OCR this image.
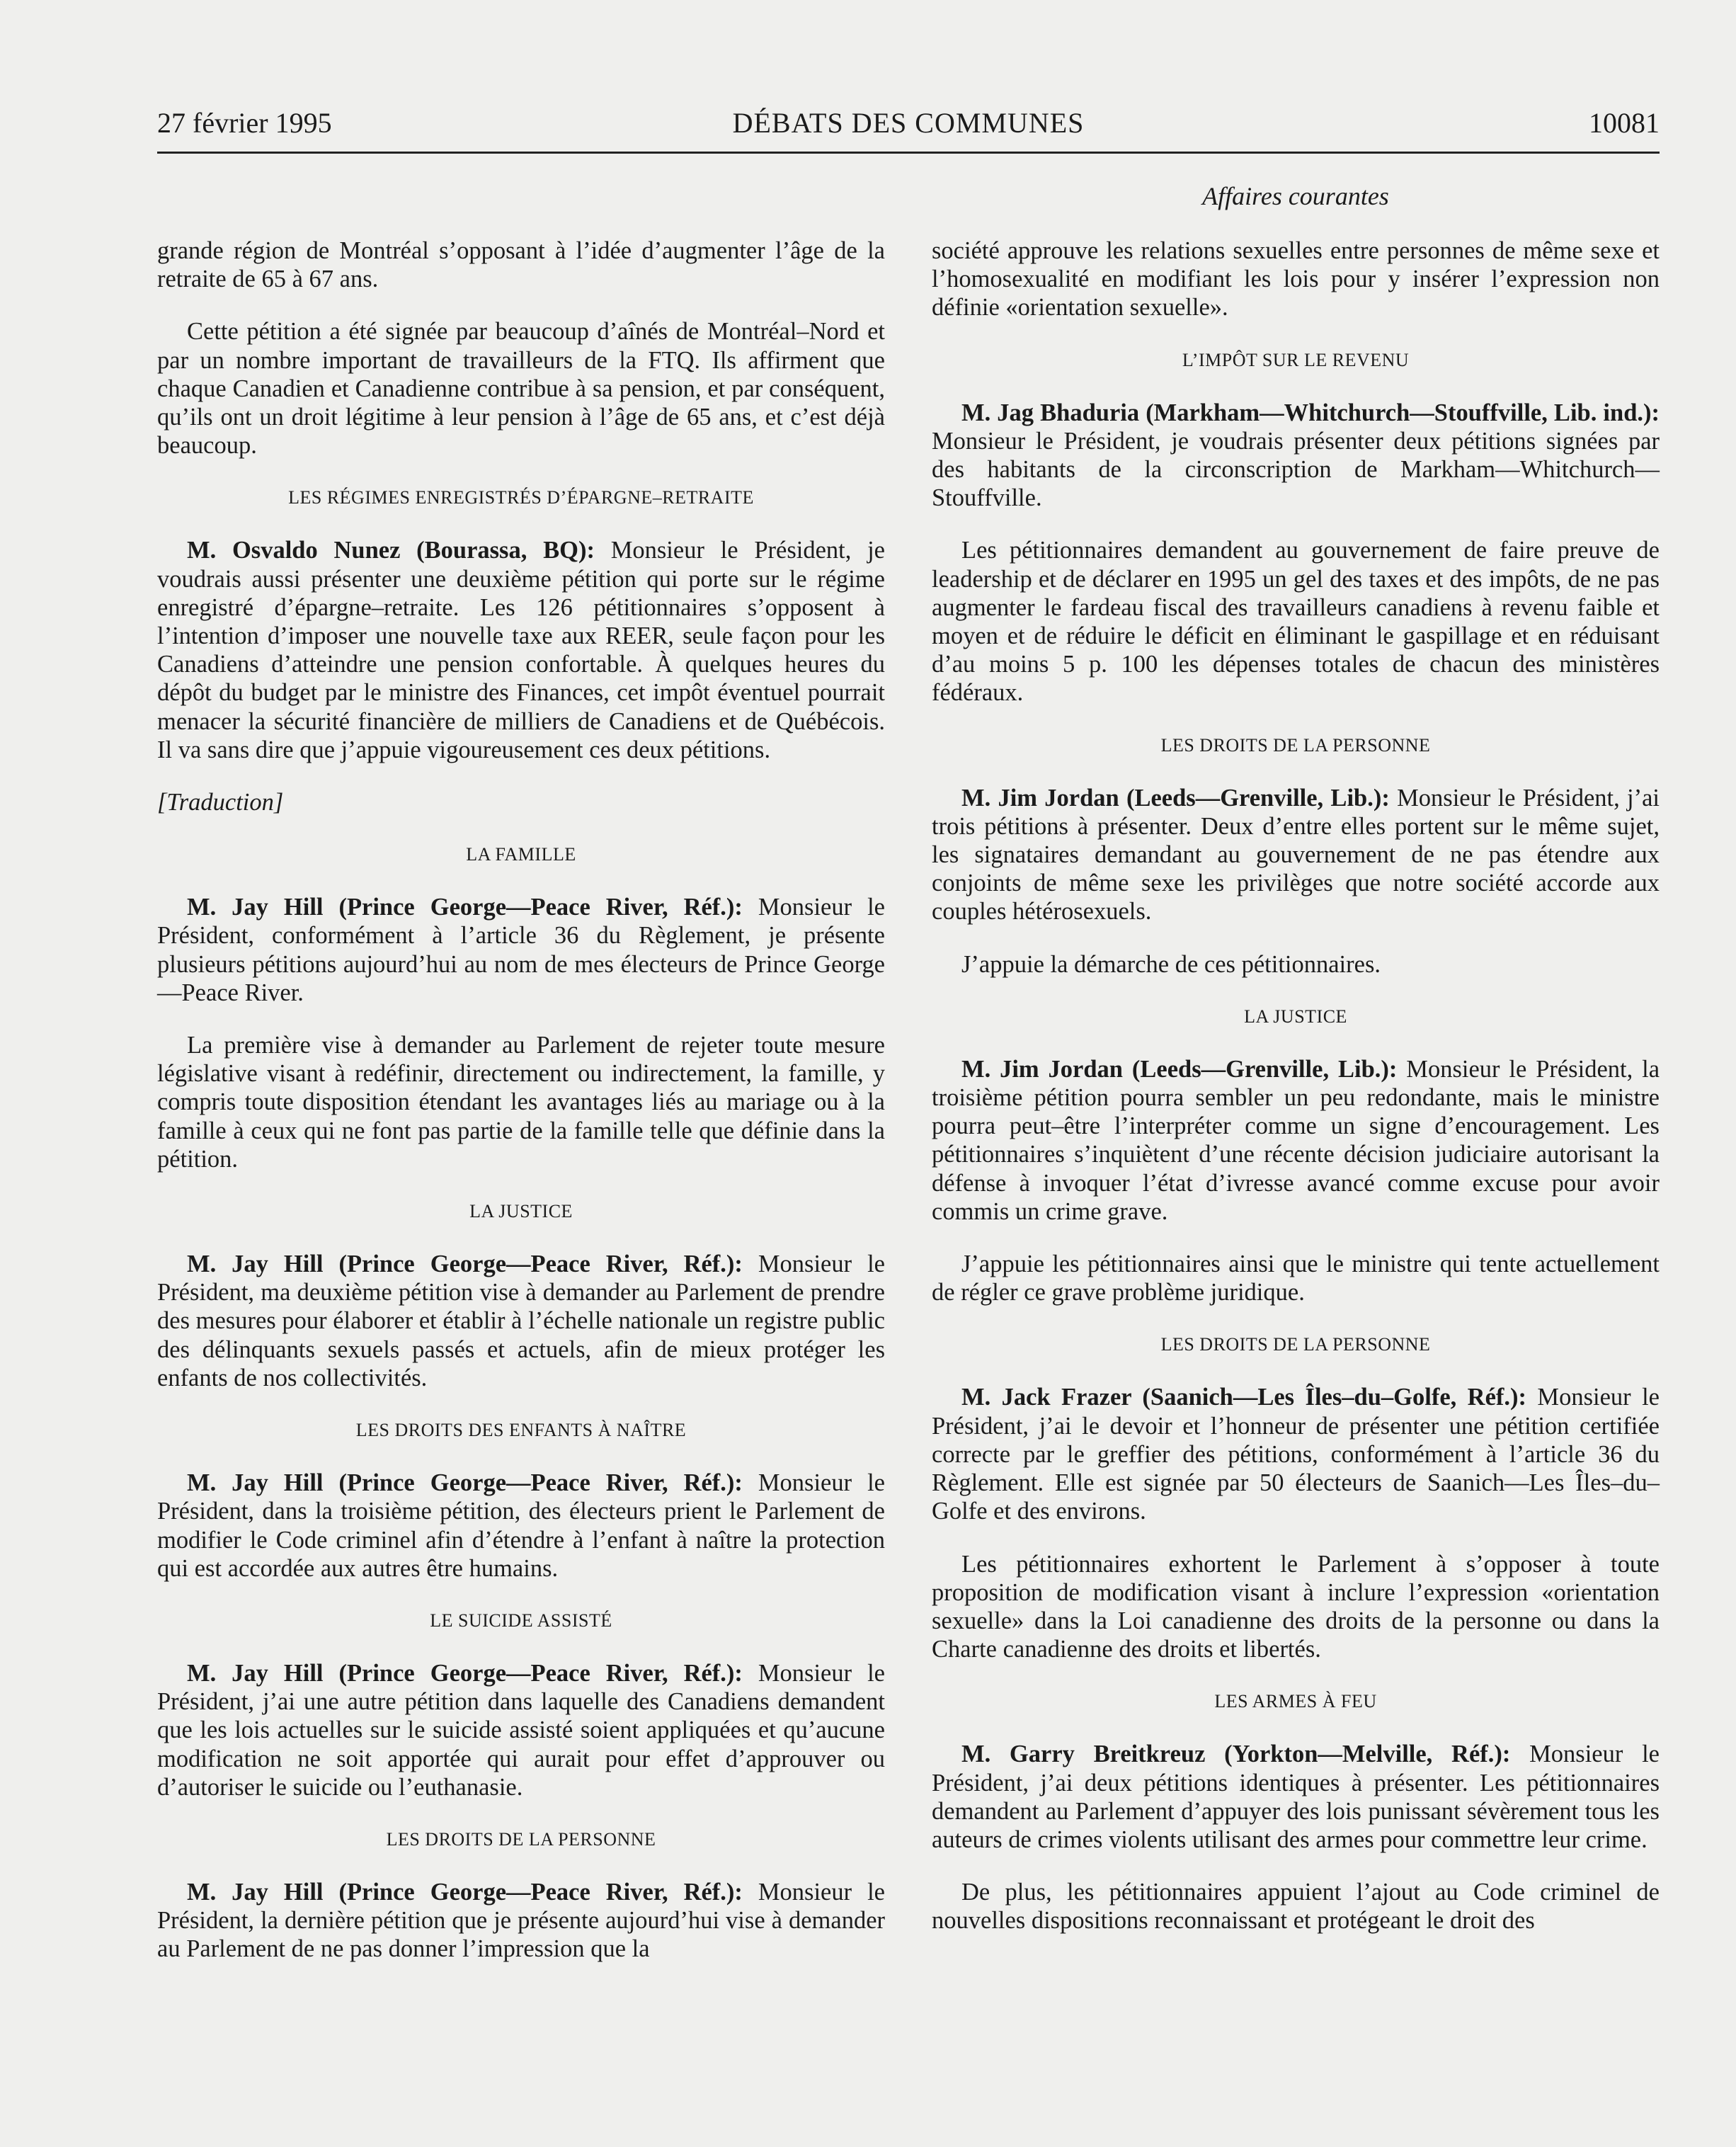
27 février 1995	DÉBATS DES COMMUNES	10081
Affaires courantes

grande région de Montréal s’opposant à l’idée d’augmenter l’âge de la retraite de 65 à 67 ans.

Cette pétition a été signée par beaucoup d’aînés de Montréal–Nord et par un nombre important de travailleurs de la FTQ. Ils affirment que chaque Canadien et Canadienne contribue à sa pension, et par conséquent, qu’ils ont un droit légitime à leur pension à l’âge de 65 ans, et c’est déjà beaucoup.

LES RÉGIMES ENREGISTRÉS D’ÉPARGNE–RETRAITE

M. Osvaldo Nunez (Bourassa, BQ): Monsieur le Président, je voudrais aussi présenter une deuxième pétition qui porte sur le régime enregistré d’épargne–retraite. Les 126 pétitionnaires s’opposent à l’intention d’imposer une nouvelle taxe aux REER, seule façon pour les Canadiens d’atteindre une pension confortable. À quelques heures du dépôt du budget par le ministre des Finances, cet impôt éventuel pourrait menacer la sécurité financière de milliers de Canadiens et de Québécois. Il va sans dire que j’appuie vigoureusement ces deux pétitions.

[Traduction]

LA FAMILLE

M. Jay Hill (Prince George—Peace River, Réf.): Monsieur le Président, conformément à l’article 36 du Règlement, je présente plusieurs pétitions aujourd’hui au nom de mes électeurs de Prince George—Peace River.

La première vise à demander au Parlement de rejeter toute mesure législative visant à redéfinir, directement ou indirectement, la famille, y compris toute disposition étendant les avantages liés au mariage ou à la famille à ceux qui ne font pas partie de la famille telle que définie dans la pétition.

LA JUSTICE

M. Jay Hill (Prince George—Peace River, Réf.): Monsieur le Président, ma deuxième pétition vise à demander au Parlement de prendre des mesures pour élaborer et établir à l’échelle nationale un registre public des délinquants sexuels passés et actuels, afin de mieux protéger les enfants de nos collectivités.

LES DROITS DES ENFANTS À NAÎTRE

M. Jay Hill (Prince George—Peace River, Réf.): Monsieur le Président, dans la troisième pétition, des électeurs prient le Parlement de modifier le Code criminel afin d’étendre à l’enfant à naître la protection qui est accordée aux autres être humains.

LE SUICIDE ASSISTÉ

M. Jay Hill (Prince George—Peace River, Réf.): Monsieur le Président, j’ai une autre pétition dans laquelle des Canadiens demandent que les lois actuelles sur le suicide assisté soient appliquées et qu’aucune modification ne soit apportée qui aurait pour effet d’approuver ou d’autoriser le suicide ou l’euthanasie.

LES DROITS DE LA PERSONNE

M. Jay Hill (Prince George—Peace River, Réf.): Monsieur le Président, la dernière pétition que je présente aujourd’hui vise à demander au Parlement de ne pas donner l’impression que la

société approuve les relations sexuelles entre personnes de même sexe et l’homosexualité en modifiant les lois pour y insérer l’expression non définie «orientation sexuelle».

L’IMPÔT SUR LE REVENU

M. Jag Bhaduria (Markham—Whitchurch—Stouffville, Lib. ind.): Monsieur le Président, je voudrais présenter deux pétitions signées par des habitants de la circonscription de Markham—Whitchurch—Stouffville.

Les pétitionnaires demandent au gouvernement de faire preuve de leadership et de déclarer en 1995 un gel des taxes et des impôts, de ne pas augmenter le fardeau fiscal des travailleurs canadiens à revenu faible et moyen et de réduire le déficit en éliminant le gaspillage et en réduisant d’au moins 5 p. 100 les dépenses totales de chacun des ministères fédéraux.

LES DROITS DE LA PERSONNE

M. Jim Jordan (Leeds—Grenville, Lib.): Monsieur le Président, j’ai trois pétitions à présenter. Deux d’entre elles portent sur le même sujet, les signataires demandant au gouvernement de ne pas étendre aux conjoints de même sexe les privilèges que notre société accorde aux couples hétérosexuels.

J’appuie la démarche de ces pétitionnaires.

LA JUSTICE

M. Jim Jordan (Leeds—Grenville, Lib.): Monsieur le Président, la troisième pétition pourra sembler un peu redondante, mais le ministre pourra peut–être l’interpréter comme un signe d’encouragement. Les pétitionnaires s’inquiètent d’une récente décision judiciaire autorisant la défense à invoquer l’état d’ivresse avancé comme excuse pour avoir commis un crime grave.

J’appuie les pétitionnaires ainsi que le ministre qui tente actuellement de régler ce grave problème juridique.

LES DROITS DE LA PERSONNE

M. Jack Frazer (Saanich—Les Îles–du–Golfe, Réf.): Monsieur le Président, j’ai le devoir et l’honneur de présenter une pétition certifiée correcte par le greffier des pétitions, conformément à l’article 36 du Règlement. Elle est signée par 50 électeurs de Saanich—Les Îles–du–Golfe et des environs.

Les pétitionnaires exhortent le Parlement à s’opposer à toute proposition de modification visant à inclure l’expression «orientation sexuelle» dans la Loi canadienne des droits de la personne ou dans la Charte canadienne des droits et libertés.

LES ARMES À FEU

M. Garry Breitkreuz (Yorkton—Melville, Réf.): Monsieur le Président, j’ai deux pétitions identiques à présenter. Les pétitionnaires demandent au Parlement d’appuyer des lois punissant sévèrement tous les auteurs de crimes violents utilisant des armes pour commettre leur crime.

De plus, les pétitionnaires appuient l’ajout au Code criminel de nouvelles dispositions reconnaissant et protégeant le droit des
